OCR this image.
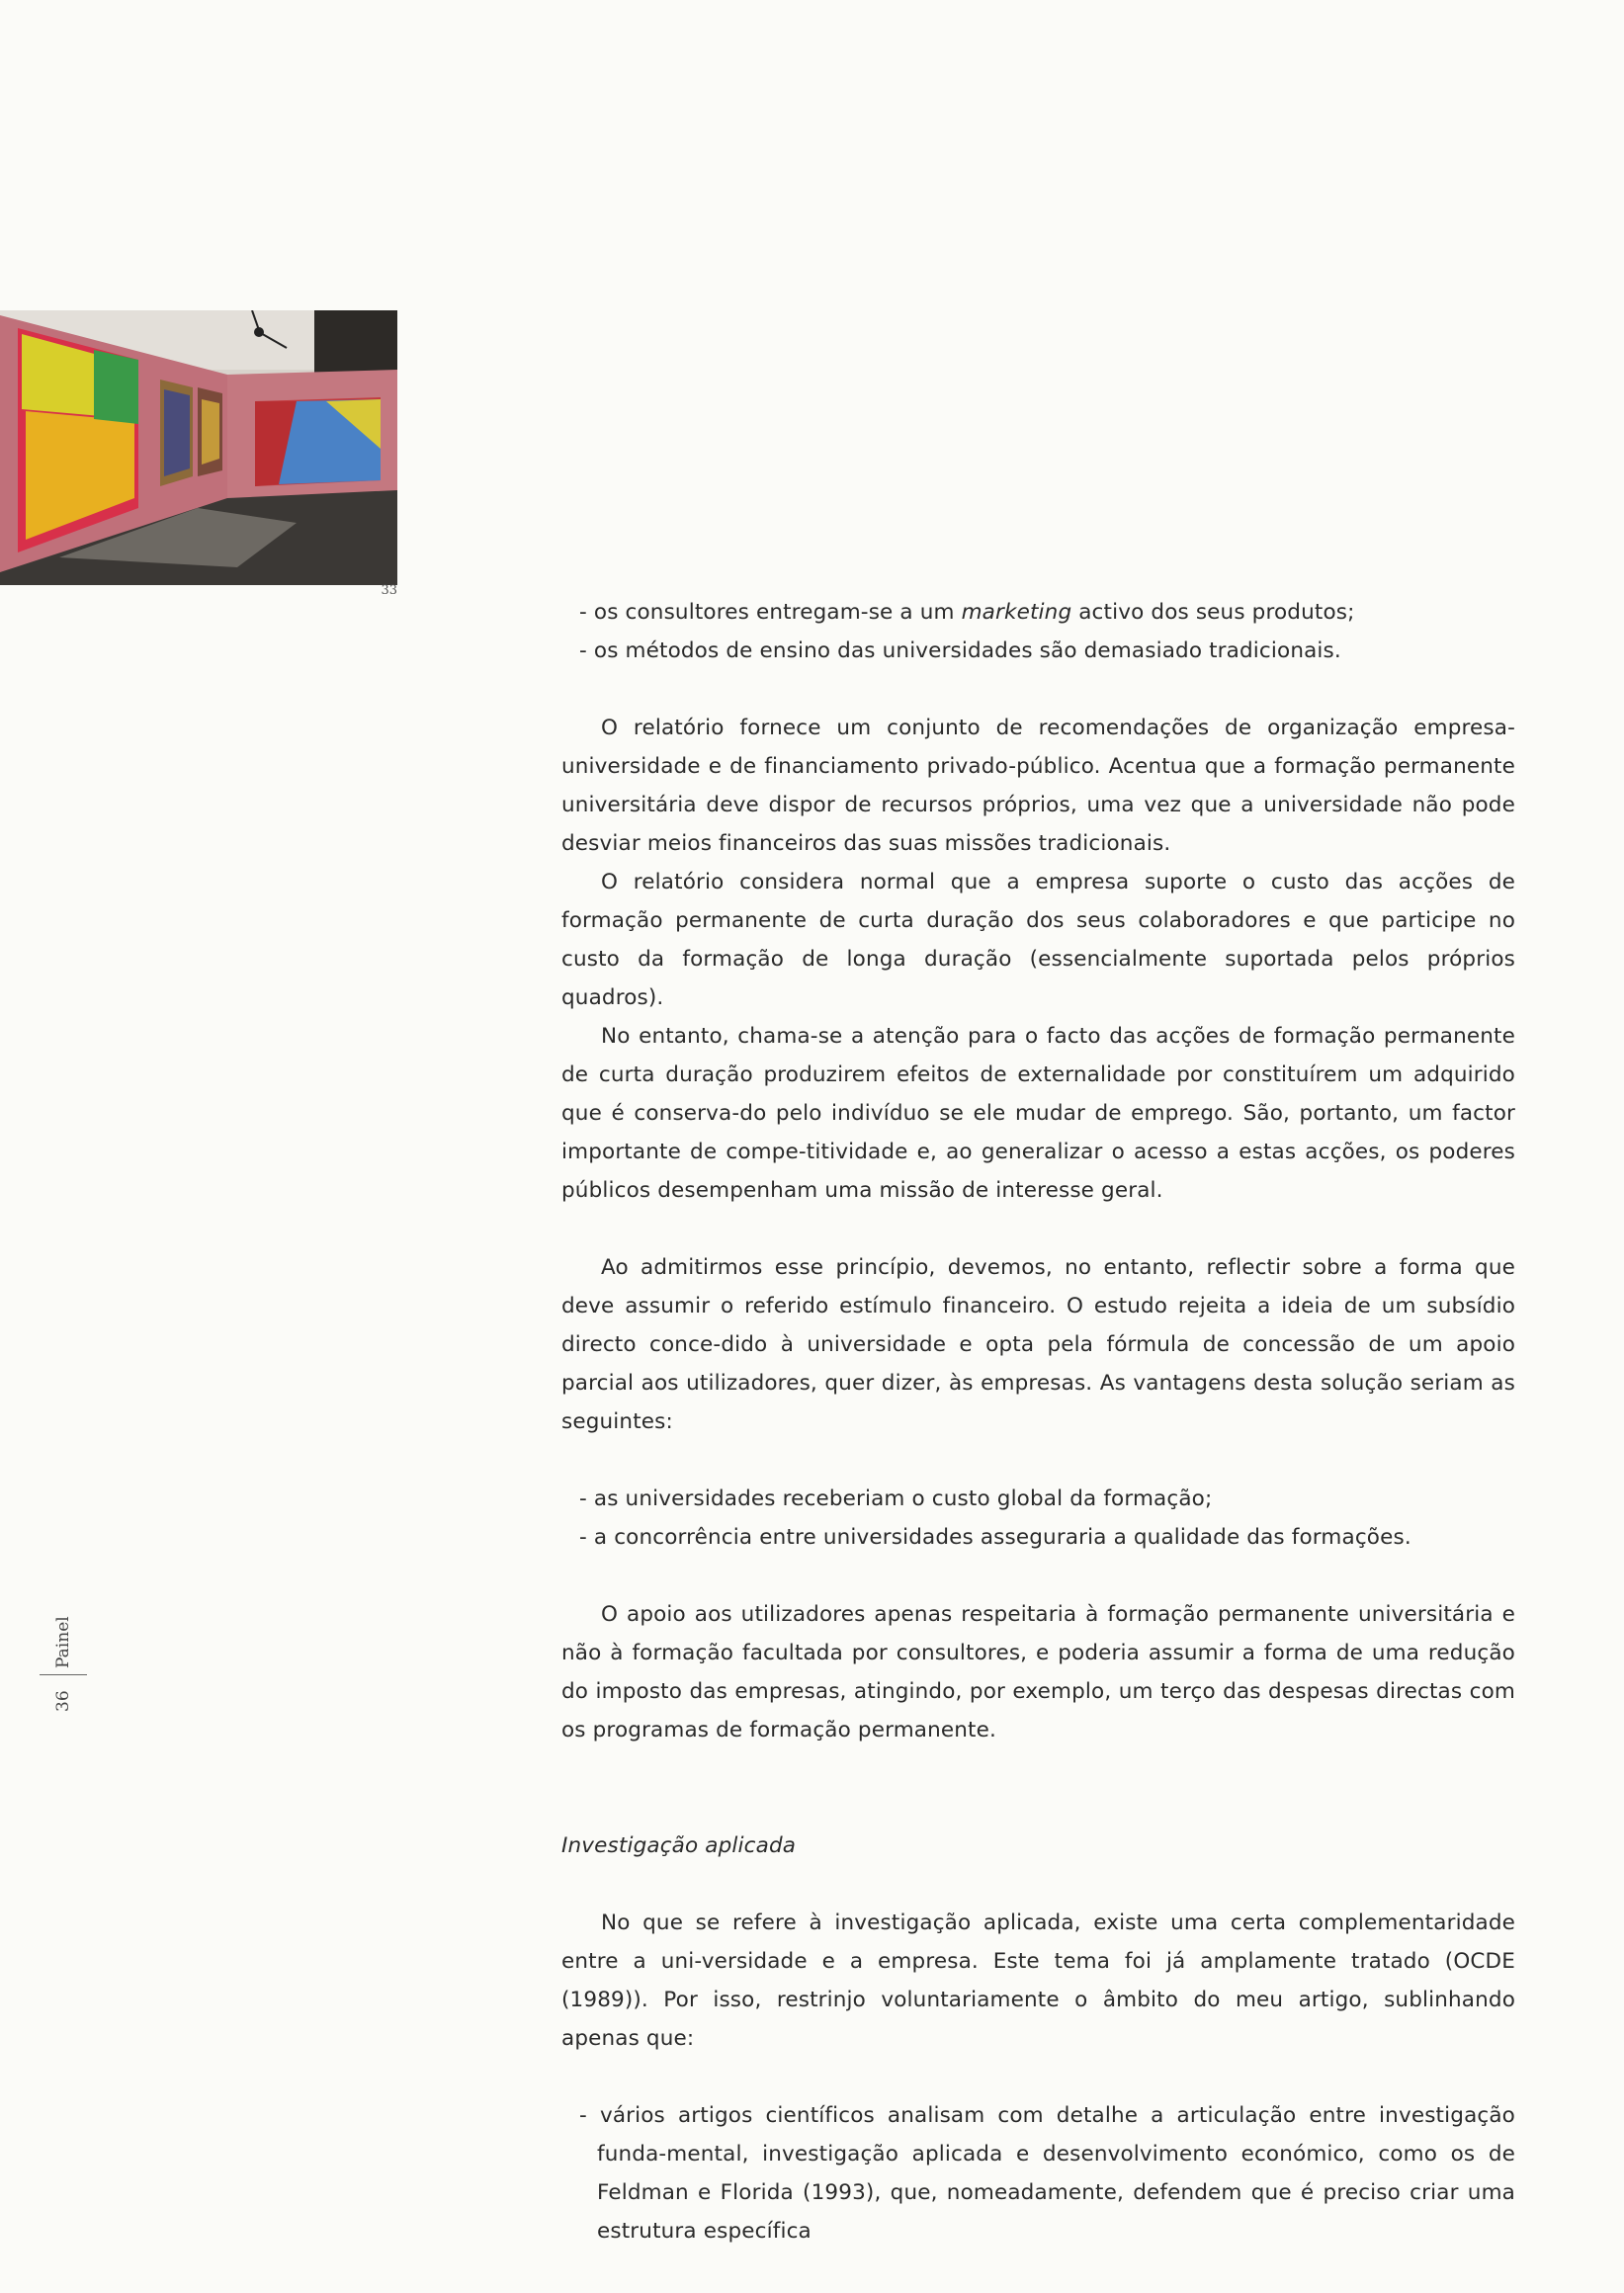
33
Painel
36

- os consultores entregam-se a um marketing activo dos seus produtos;

- os métodos de ensino das universidades são demasiado tradicionais.

O relatório fornece um conjunto de recomendações de organização empresa-universidade e de financiamento privado-público. Acentua que a formação permanente universitária deve dispor de recursos próprios, uma vez que a universidade não pode desviar meios financeiros das suas missões tradicionais.

O relatório considera normal que a empresa suporte o custo das acções de formação permanente de curta duração dos seus colaboradores e que participe no custo da formação de longa duração (essencialmente suportada pelos próprios quadros).

No entanto, chama-se a atenção para o facto das acções de formação permanente de curta duração produzirem efeitos de externalidade por constituírem um adquirido que é conserva-do pelo indivíduo se ele mudar de emprego. São, portanto, um factor importante de compe-titividade e, ao generalizar o acesso a estas acções, os poderes públicos desempenham uma missão de interesse geral.

Ao admitirmos esse princípio, devemos, no entanto, reflectir sobre a forma que deve assumir o referido estímulo financeiro. O estudo rejeita a ideia de um subsídio directo conce-dido à universidade e opta pela fórmula de concessão de um apoio parcial aos utilizadores, quer dizer, às empresas. As vantagens desta solução seriam as seguintes:

- as universidades receberiam o custo global da formação;

- a concorrência entre universidades asseguraria a qualidade das formações.

O apoio aos utilizadores apenas respeitaria à formação permanente universitária e não à formação facultada por consultores, e poderia assumir a forma de uma redução do imposto das empresas, atingindo, por exemplo, um terço das despesas directas com os programas de formação permanente.

Investigação aplicada

No que se refere à investigação aplicada, existe uma certa complementaridade entre a uni-versidade e a empresa. Este tema foi já amplamente tratado (OCDE (1989)). Por isso, restrinjo voluntariamente o âmbito do meu artigo, sublinhando apenas que:

- vários artigos científicos analisam com detalhe a articulação entre investigação funda-mental, investigação aplicada e desenvolvimento económico, como os de Feldman e Florida (1993), que, nomeadamente, defendem que é preciso criar uma estrutura específica
